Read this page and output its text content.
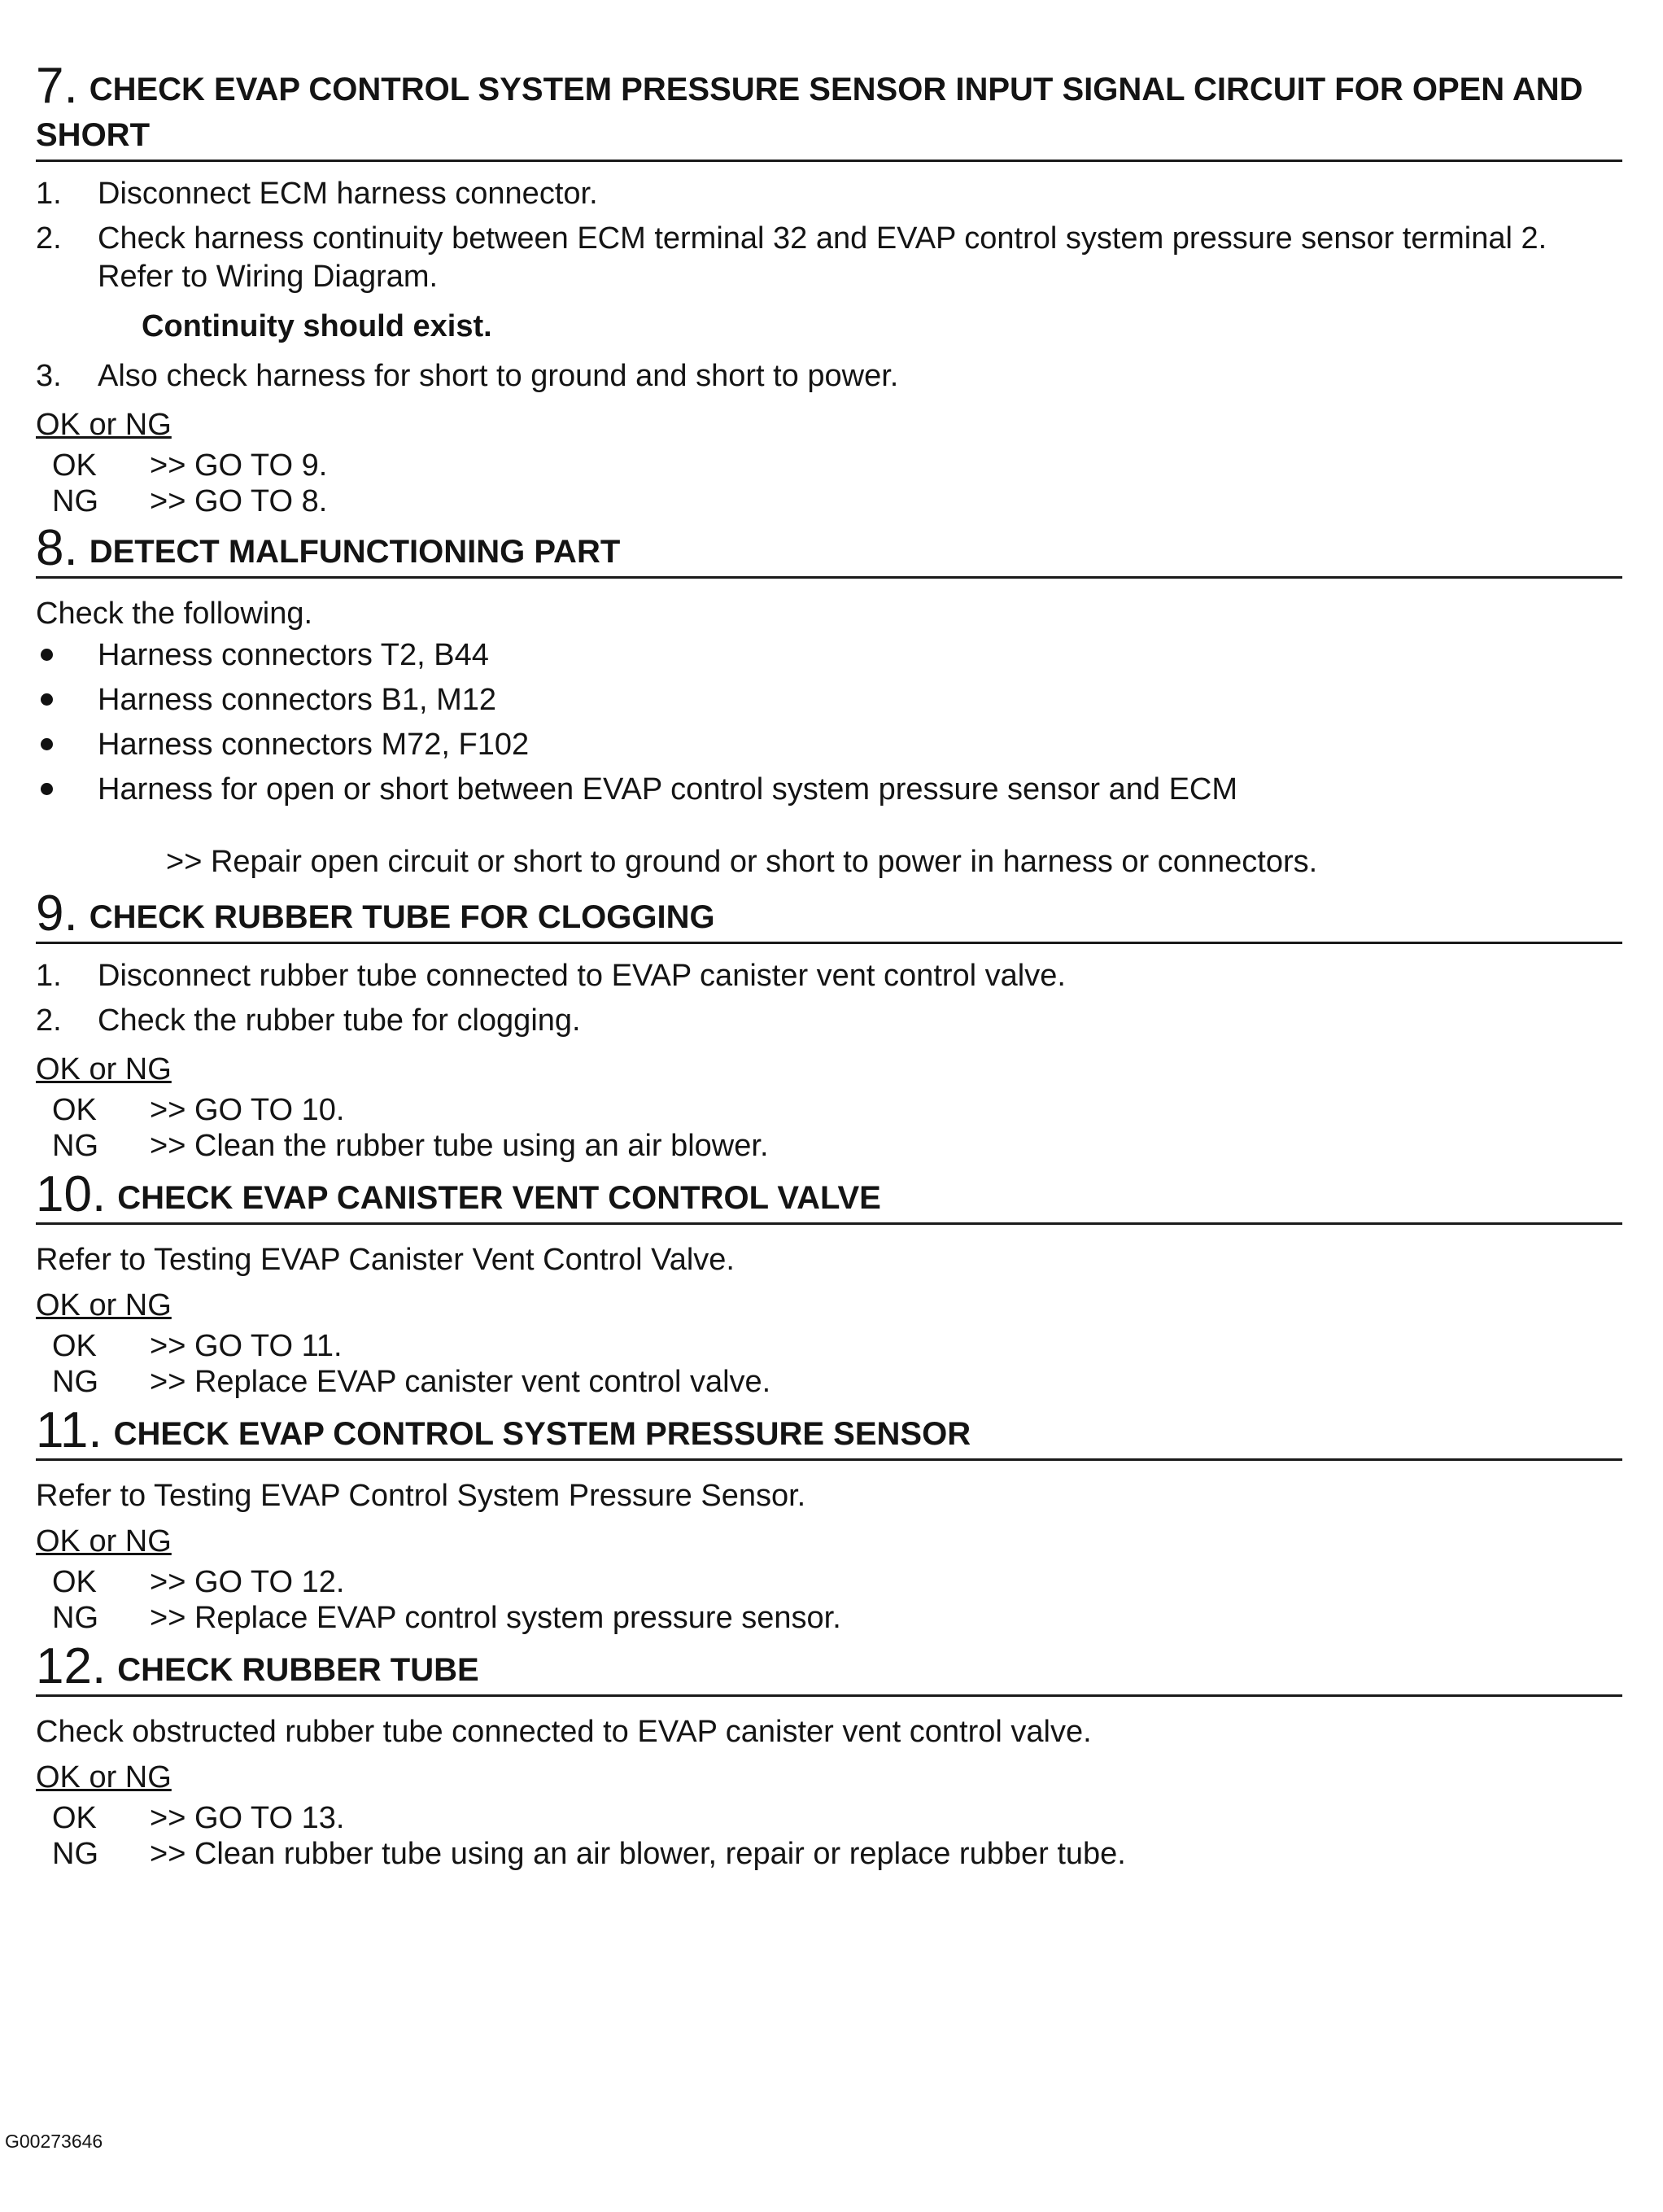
7. CHECK EVAP CONTROL SYSTEM PRESSURE SENSOR INPUT SIGNAL CIRCUIT FOR OPEN AND SHORT
1.	Disconnect ECM harness connector.
2.	Check harness continuity between ECM terminal 32 and EVAP control system pressure sensor terminal 2.
Refer to Wiring Diagram.
Continuity should exist.
3.	Also check harness for short to ground and short to power.
OK or NG
OK	>> GO TO 9.
NG	>> GO TO 8.
8. DETECT MALFUNCTIONING PART
Check the following.
Harness connectors T2, B44
Harness connectors B1, M12
Harness connectors M72, F102
Harness for open or short between EVAP control system pressure sensor and ECM
>> Repair open circuit or short to ground or short to power in harness or connectors.
9. CHECK RUBBER TUBE FOR CLOGGING
1.	Disconnect rubber tube connected to EVAP canister vent control valve.
2.	Check the rubber tube for clogging.
OK or NG
OK	>> GO TO 10.
NG	>> Clean the rubber tube using an air blower.
10. CHECK EVAP CANISTER VENT CONTROL VALVE
Refer to Testing EVAP Canister Vent Control Valve.
OK or NG
OK	>> GO TO 11.
NG	>> Replace EVAP canister vent control valve.
11. CHECK EVAP CONTROL SYSTEM PRESSURE SENSOR
Refer to Testing EVAP Control System Pressure Sensor.
OK or NG
OK	>> GO TO 12.
NG	>> Replace EVAP control system pressure sensor.
12. CHECK RUBBER TUBE
Check obstructed rubber tube connected to EVAP canister vent control valve.
OK or NG
OK	>> GO TO 13.
NG	>> Clean rubber tube using an air blower, repair or replace rubber tube.
G00273646
